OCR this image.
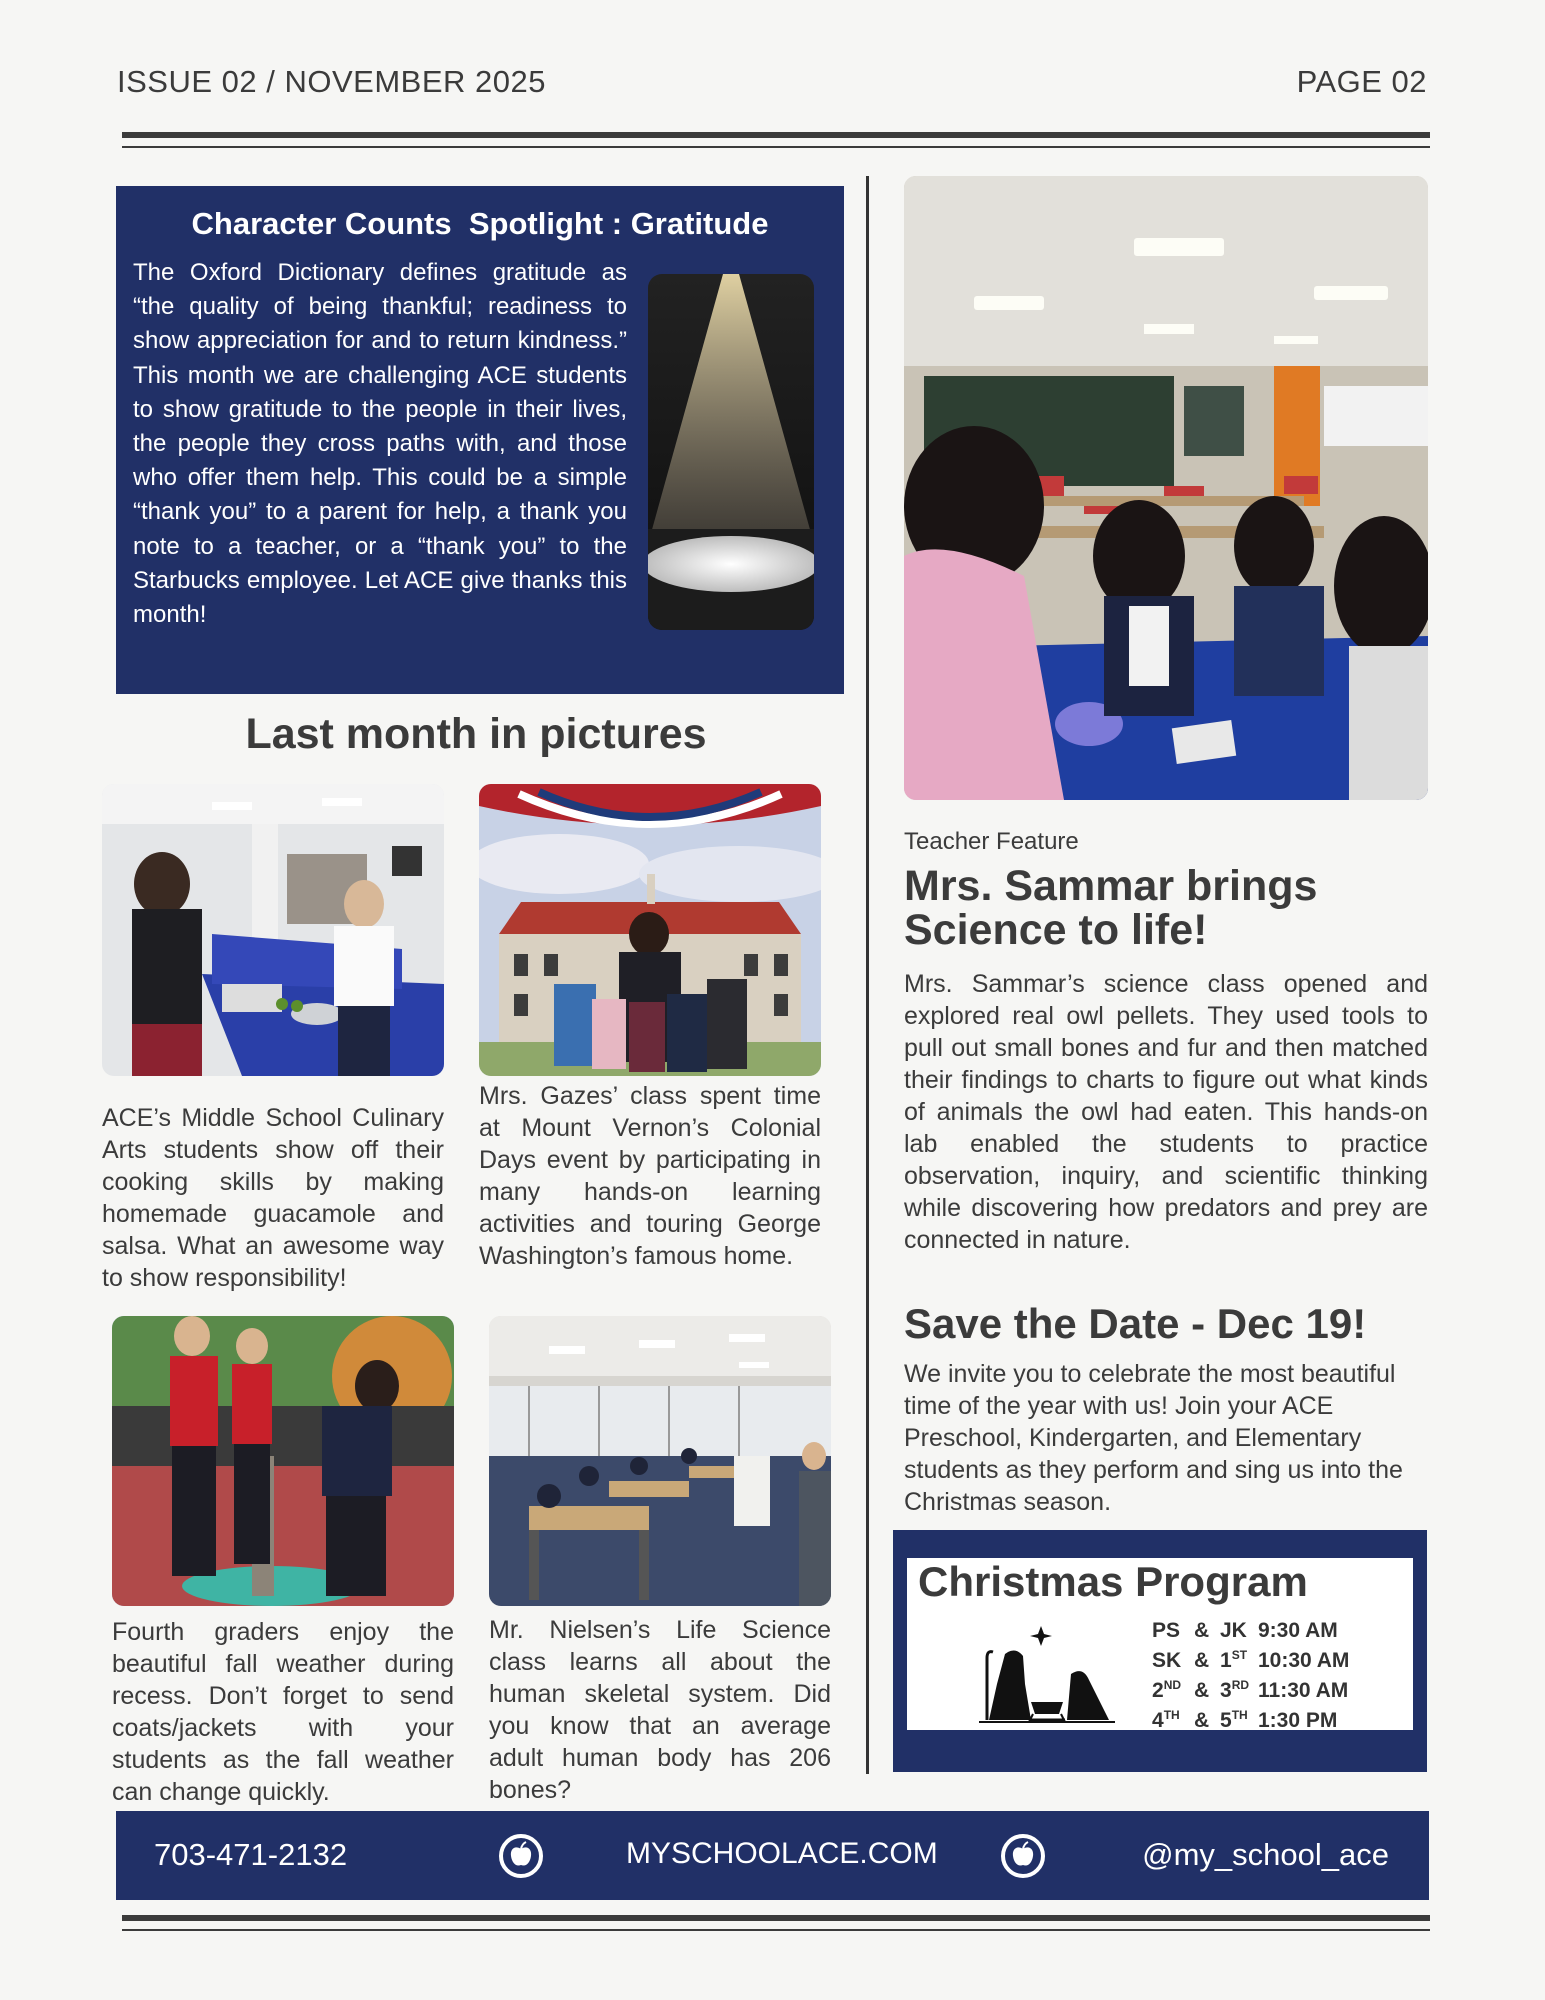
ISSUE 02 / NOVEMBER 2025	PAGE 02
Character Counts  Spotlight : Gratitude
The Oxford Dictionary defines gratitude as “the quality of being thankful; readiness to show appreciation for and to return kindness.” This month we are challenging ACE students to show gratitude to the people in their lives, the people they cross paths with, and those who offer them help. This could be a simple “thank you” to a parent for help, a thank you note to a teacher, or a “thank you” to the Starbucks employee. Let ACE give thanks this month!
Last month in pictures
ACE’s Middle School Culinary Arts students show off their cooking skills by making homemade guacamole and salsa. What an awesome way to show responsibility!
Mrs. Gazes’ class spent time at Mount Vernon’s Colonial Days event by participating in many hands-on learning activities and touring George Washington’s famous home.
Fourth graders enjoy the beautiful fall weather during recess. Don’t forget to send coats/jackets with your students as the fall weather can change quickly.
Mr. Nielsen’s Life Science class learns all about the human skeletal system. Did you know that an average adult human body has 206 bones?
Teacher Feature
Mrs. Sammar brings Science to life!
Mrs. Sammar’s science class opened and explored real owl pellets. They used tools to pull out small bones and fur and then matched their findings to charts to figure out what kinds of animals the owl had eaten. This hands-on lab enabled the students to practice observation, inquiry, and scientific thinking while discovering how predators and prey are connected in nature.
Save the Date - Dec 19!
We invite you to celebrate the most beautiful time of the year with us! Join your ACE Preschool, Kindergarten, and Elementary students as they perform and sing us into the Christmas season.
Christmas Program
PS & JK 9:30 AM
SK & 1ST 10:30 AM
2ND & 3RD 11:30 AM
4TH & 5TH 1:30 PM
703-471-2132	MYSCHOOLACE.COM	@my_school_ace
